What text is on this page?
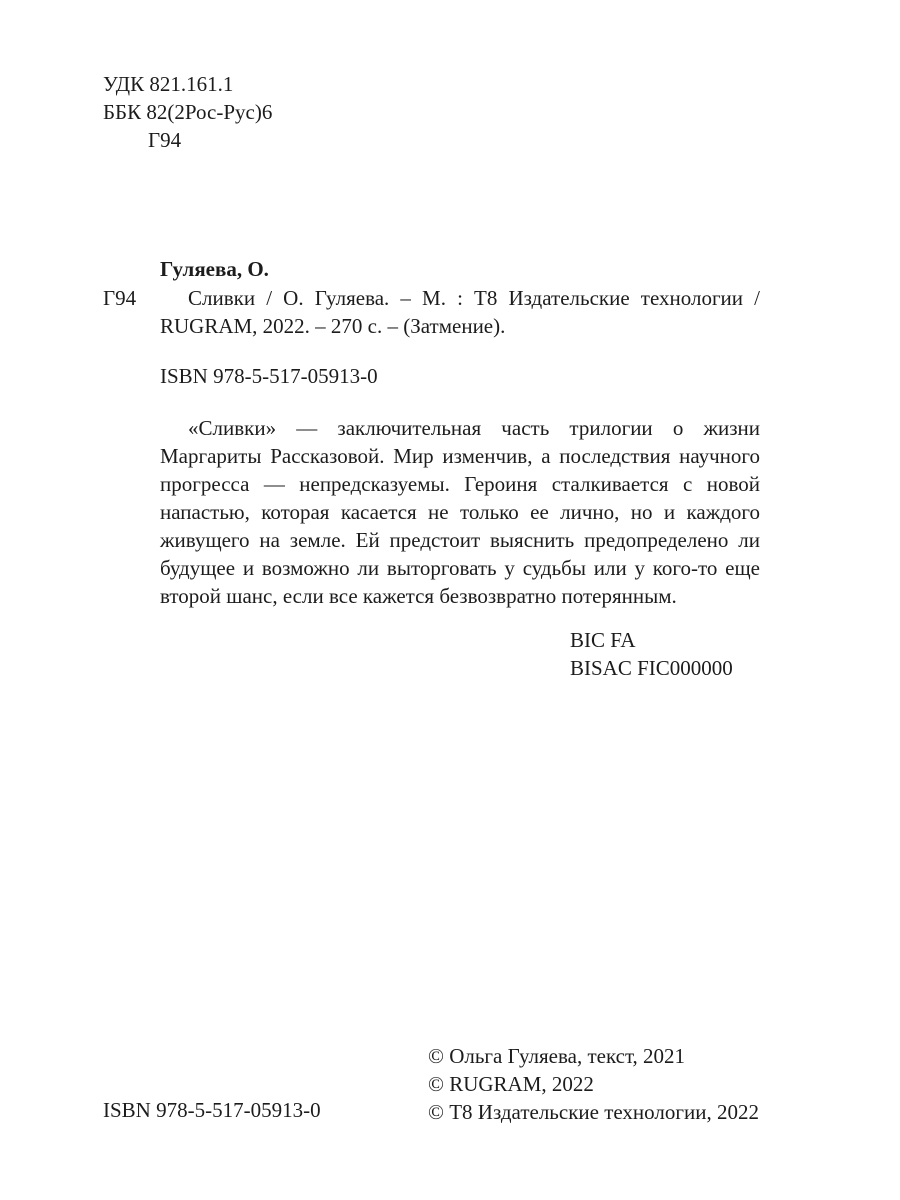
УДК 821.161.1
ББК 82(2Рос-Рус)6
Г94
Гуляева, О.
Г94	Сливки / О. Гуляева. – М. : Т8 Издательские технологии / RUGRAM, 2022. – 270 с. – (Затмение).
ISBN 978-5-517-05913-0

«Сливки» — заключительная часть трилогии о жизни Маргариты Рассказовой. Мир изменчив, а последствия научного прогресса — непредсказуемы. Героиня сталкивается с новой напастью, которая касается не только ее лично, но и каждого живущего на земле. Ей предстоит выяснить предопределено ли будущее и возможно ли выторговать у судьбы или у кого-то еще второй шанс, если все кажется безвозвратно потерянным.

BIC FA
BISAC FIC000000
ISBN 978-5-517-05913-0
© Ольга Гуляева, текст, 2021
© RUGRAM, 2022
© Т8 Издательские технологии, 2022
